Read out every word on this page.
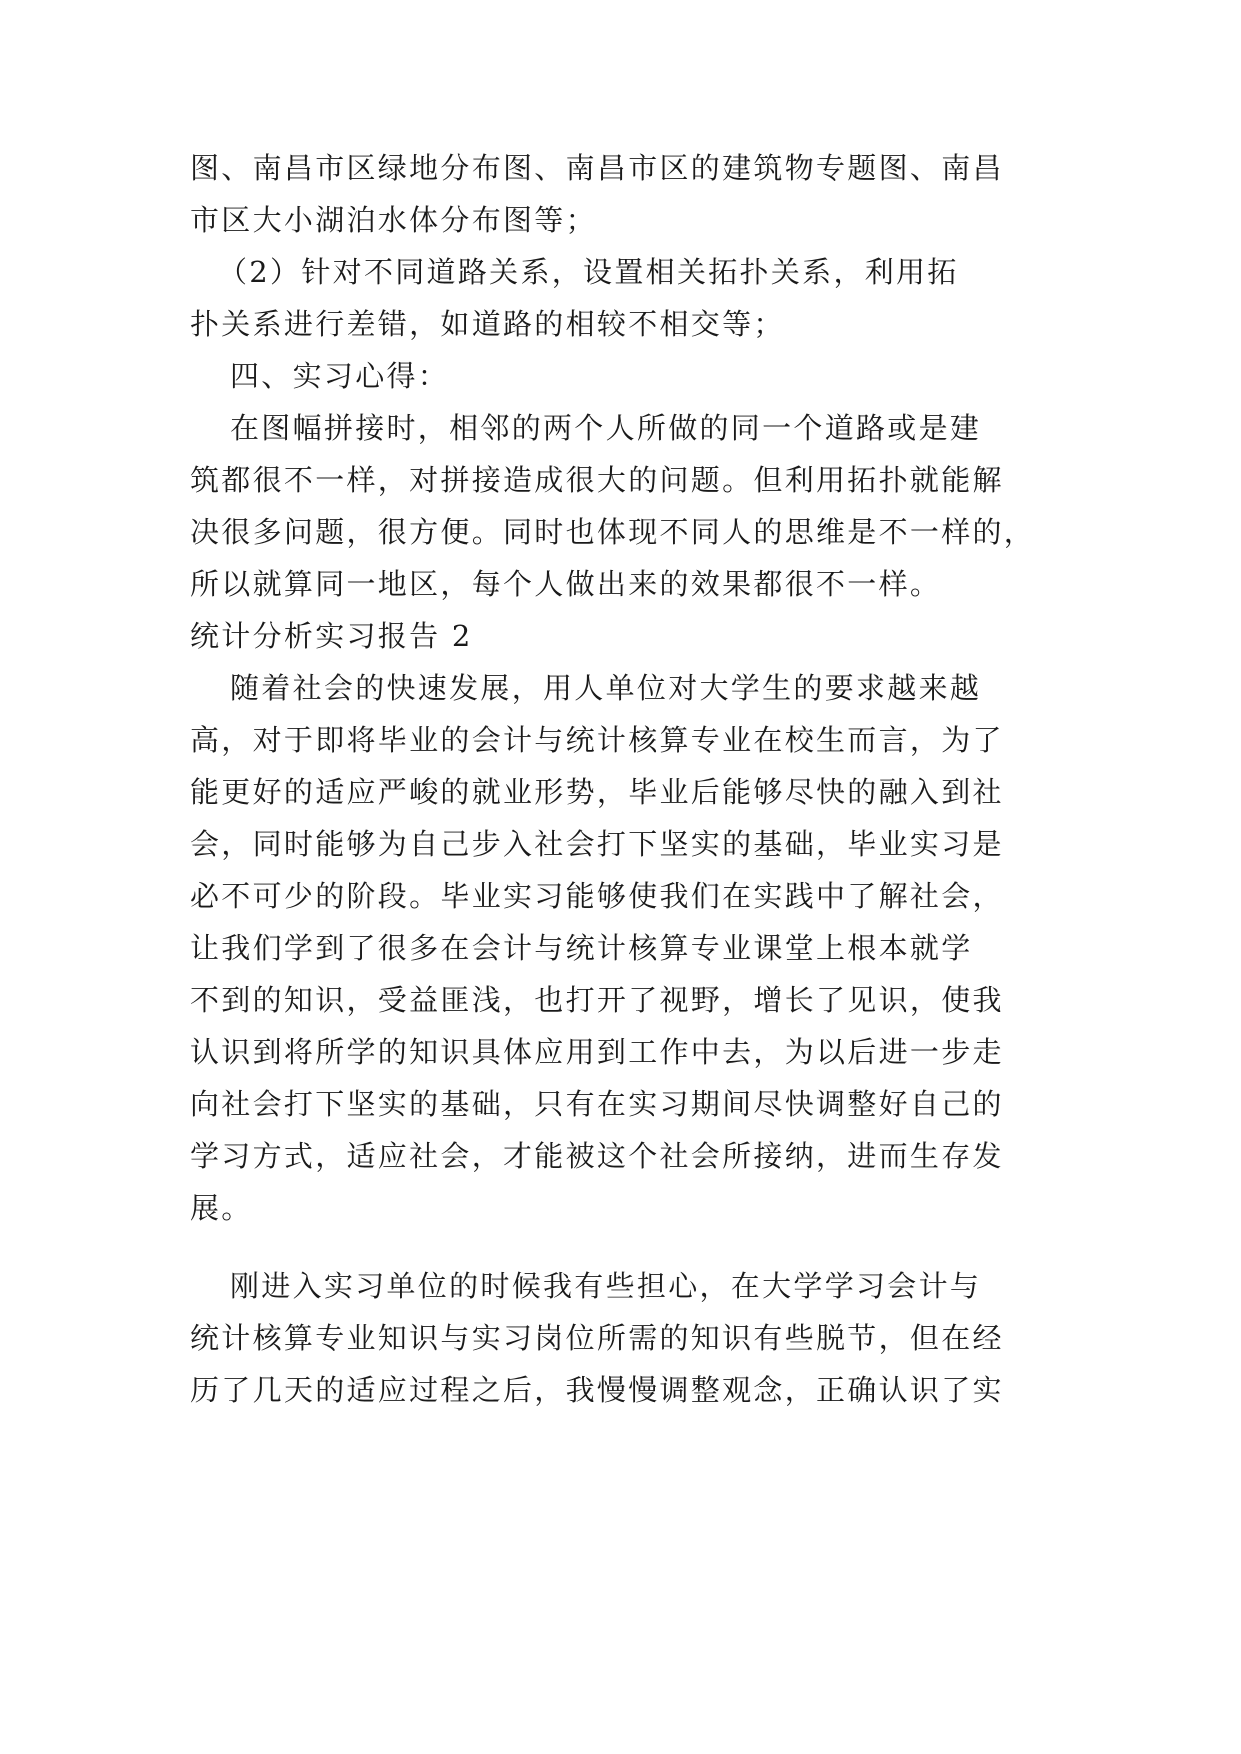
图、南昌市区绿地分布图、南昌市区的建筑物专题图、南昌
市区大小湖泊水体分布图等；
（2）针对不同道路关系，设置相关拓扑关系，利用拓
扑关系进行差错，如道路的相较不相交等；
四、实习心得：
在图幅拼接时，相邻的两个人所做的同一个道路或是建
筑都很不一样，对拼接造成很大的问题。但利用拓扑就能解
决很多问题，很方便。同时也体现不同人的思维是不一样的，
所以就算同一地区，每个人做出来的效果都很不一样。
统计分析实习报告 2
随着社会的快速发展，用人单位对大学生的要求越来越
高，对于即将毕业的会计与统计核算专业在校生而言，为了
能更好的适应严峻的就业形势，毕业后能够尽快的融入到社
会，同时能够为自己步入社会打下坚实的基础，毕业实习是
必不可少的阶段。毕业实习能够使我们在实践中了解社会，
让我们学到了很多在会计与统计核算专业课堂上根本就学
不到的知识，受益匪浅，也打开了视野，增长了见识，使我
认识到将所学的知识具体应用到工作中去，为以后进一步走
向社会打下坚实的基础，只有在实习期间尽快调整好自己的
学习方式，适应社会，才能被这个社会所接纳，进而生存发
展。
刚进入实习单位的时候我有些担心，在大学学习会计与
统计核算专业知识与实习岗位所需的知识有些脱节，但在经
历了几天的适应过程之后，我慢慢调整观念，正确认识了实
